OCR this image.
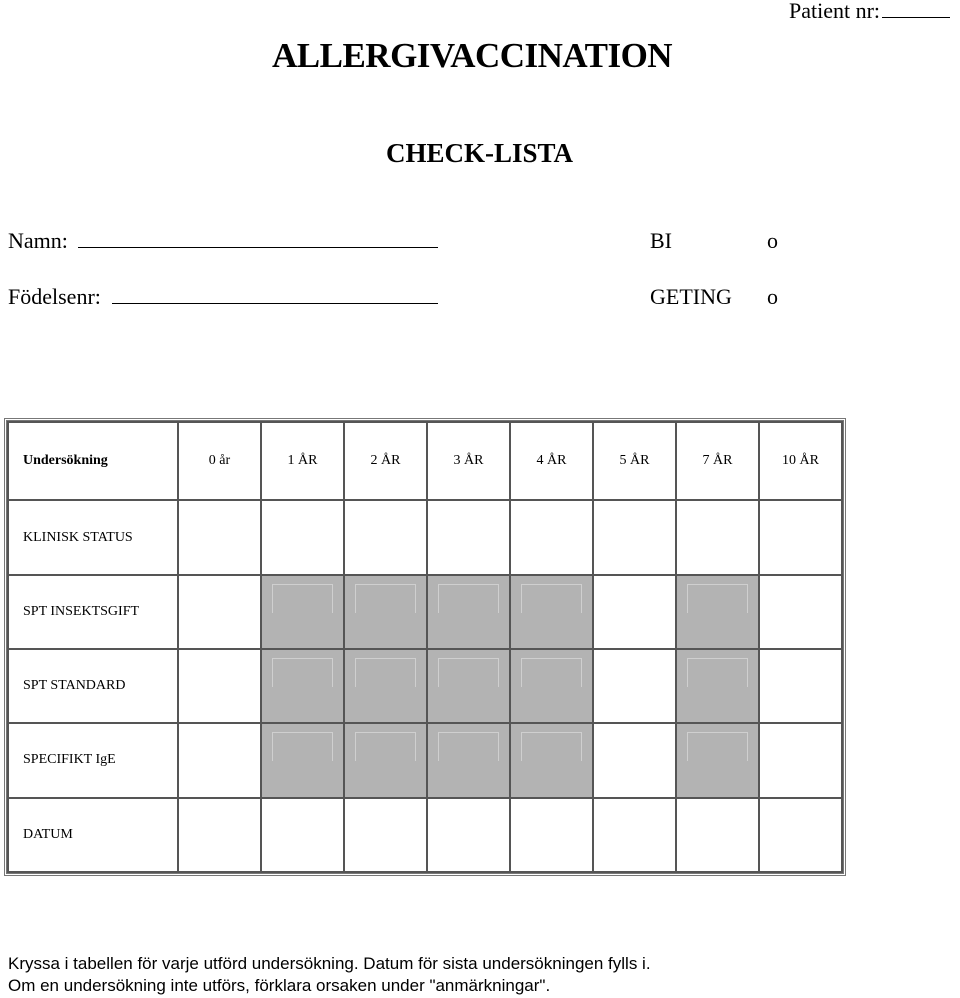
Patient nr:
ALLERGIVACCINATION
CHECK-LISTA
Namn:
Födelsenr:
BI	o
GETING o
Undersökning	0 år	1 ÅR	2 ÅR	3 ÅR	4 ÅR	5 ÅR	7 ÅR	10 ÅR
KLINISK STATUS								
SPT INSEKTSGIFT								
SPT STANDARD								
SPECIFIKT IgE								
DATUM								
Kryssa i tabellen för varje utförd undersökning. Datum för sista undersökningen fylls i.
Om en undersökning inte utförs, förklara orsaken under "anmärkningar".
